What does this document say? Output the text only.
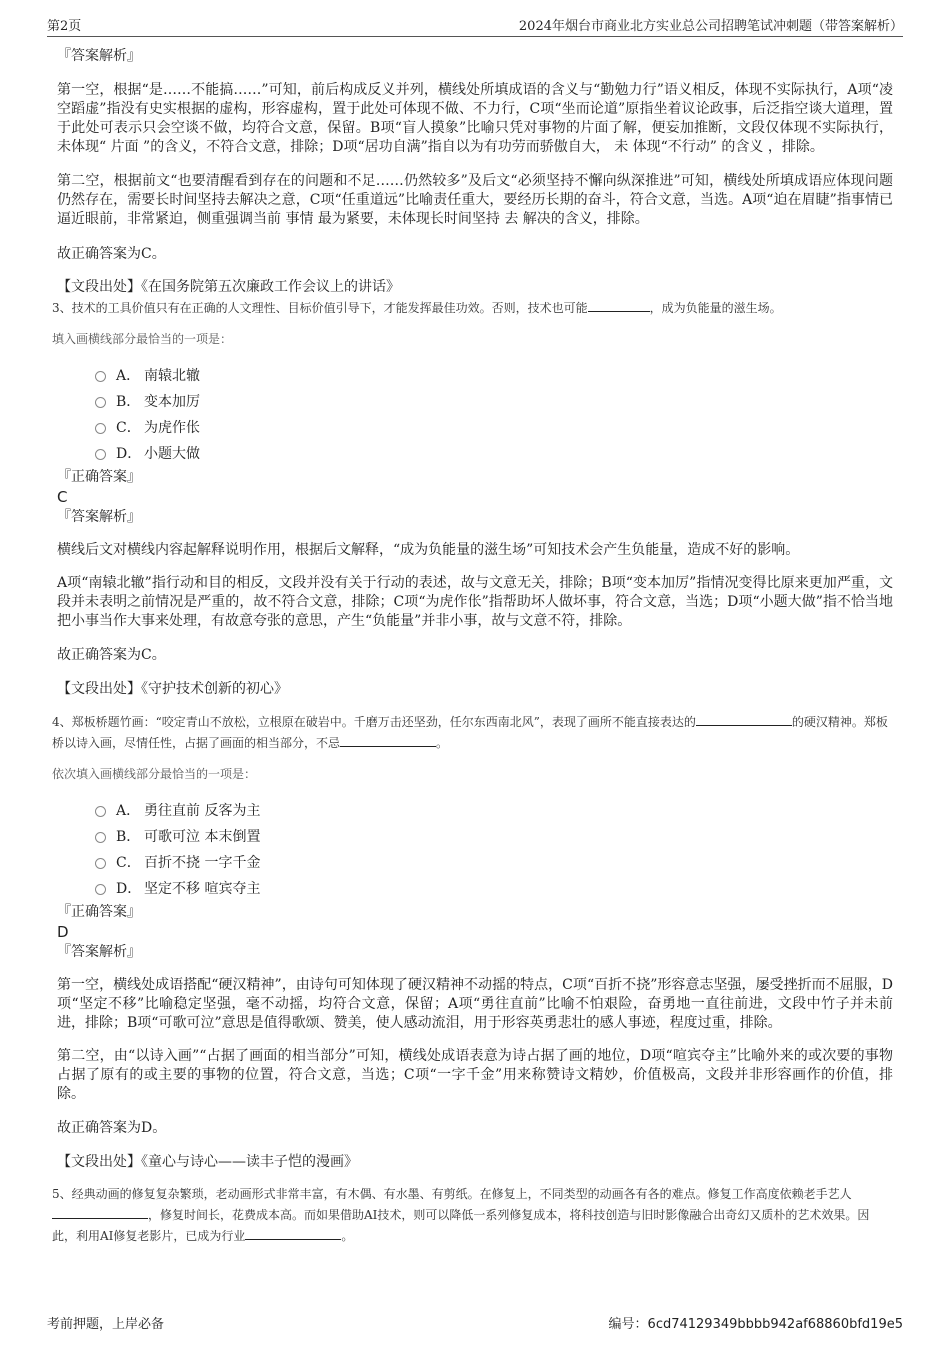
第2页	2024年烟台市商业北方实业总公司招聘笔试冲刺题（带答案解析）

『答案解析』

第一空，根据“是……不能搞……”可知，前后构成反义并列，横线处所填成语的含义与“勤勉力行”语义相反，体现不实际执行，A项“凌空蹈虚”指没有史实根据的虚构，形容虚构，置于此处可体现不做、不力行，C项“坐而论道”原指坐着议论政事，后泛指空谈大道理，置于此处可表示只会空谈不做，均符合文意，保留。B项“盲人摸象”比喻只凭对事物的片面了解，便妄加推断，文段仅体现不实际执行，未体现“ 片面 ”的含义，不符合文意，排除；D项“居功自满”指自以为有功劳而骄傲自大， 未 体现“不行动” 的含义 ，排除。

第二空，根据前文“也要清醒看到存在的问题和不足……仍然较多”及后文“必须坚持不懈向纵深推进”可知，横线处所填成语应体现问题仍然存在，需要长时间坚持去解决之意，C项“任重道远”比喻责任重大，要经历长期的奋斗，符合文意，当选。A项“迫在眉睫”指事情已逼近眼前，非常紧迫，侧重强调当前 事情 最为紧要，未体现长时间坚持 去 解决的含义，排除。

故正确答案为C。

【文段出处】《在国务院第五次廉政工作会议上的讲话》

3、技术的工具价值只有在正确的人文理性、目标价值引导下，才能发挥最佳功效。否则，技术也可能	，成为负能量的滋生场。

填入画横线部分最恰当的一项是：

A． 南辕北辙
B． 变本加厉
C． 为虎作伥
D． 小题大做

『正确答案』

C

『答案解析』

横线后文对横线内容起解释说明作用，根据后文解释，“成为负能量的滋生场”可知技术会产生负能量，造成不好的影响。

A项“南辕北辙”指行动和目的相反，文段并没有关于行动的表述，故与文意无关，排除；B项“变本加厉”指情况变得比原来更加严重，文段并未表明之前情况是严重的，故不符合文意，排除；C项“为虎作伥”指帮助坏人做坏事，符合文意，当选；D项“小题大做”指不恰当地把小事当作大事来处理，有故意夸张的意思，产生“负能量”并非小事，故与文意不符，排除。

故正确答案为C。

【文段出处】《守护技术创新的初心》

4、郑板桥题竹画：“咬定青山不放松，立根原在破岩中。千磨万击还坚劲，任尔东西南北风”，表现了画所不能直接表达的	的硬汉精神。郑板桥以诗入画，尽情任性，占据了画面的相当部分，不忌	。

依次填入画横线部分最恰当的一项是：

A． 勇往直前 反客为主
B． 可歌可泣 本末倒置
C． 百折不挠 一字千金
D． 坚定不移 喧宾夺主

『正确答案』

D

『答案解析』

第一空，横线处成语搭配“硬汉精神”，由诗句可知体现了硬汉精神不动摇的特点，C项“百折不挠”形容意志坚强，屡受挫折而不屈服，D项“坚定不移”比喻稳定坚强，毫不动摇，均符合文意，保留；A项“勇往直前”比喻不怕艰险，奋勇地一直往前进，文段中竹子并未前进，排除；B项“可歌可泣”意思是值得歌颂、赞美，使人感动流泪，用于形容英勇悲壮的感人事迹，程度过重，排除。

第二空，由“以诗入画”“占据了画面的相当部分”可知，横线处成语表意为诗占据了画的地位，D项“喧宾夺主”比喻外来的或次要的事物占据了原有的或主要的事物的位置，符合文意，当选；C项“一字千金”用来称赞诗文精妙，价值极高，文段并非形容画作的价值，排除。

故正确答案为D。

【文段出处】《童心与诗心——读丰子恺的漫画》

5、经典动画的修复复杂繁琐，老动画形式非常丰富，有木偶、有水墨、有剪纸。在修复上，不同类型的动画各有各的难点。修复工作高度依赖老手艺人，修复时间长，花费成本高。而如果借助AI技术，则可以降低一系列修复成本，将科技创造与旧时影像融合出奇幻又质朴的艺术效果。因此，利用AI修复老影片，已成为行业	。

考前押题，上岸必备	编号：6cd74129349bbbb942af68860bfd19e5
